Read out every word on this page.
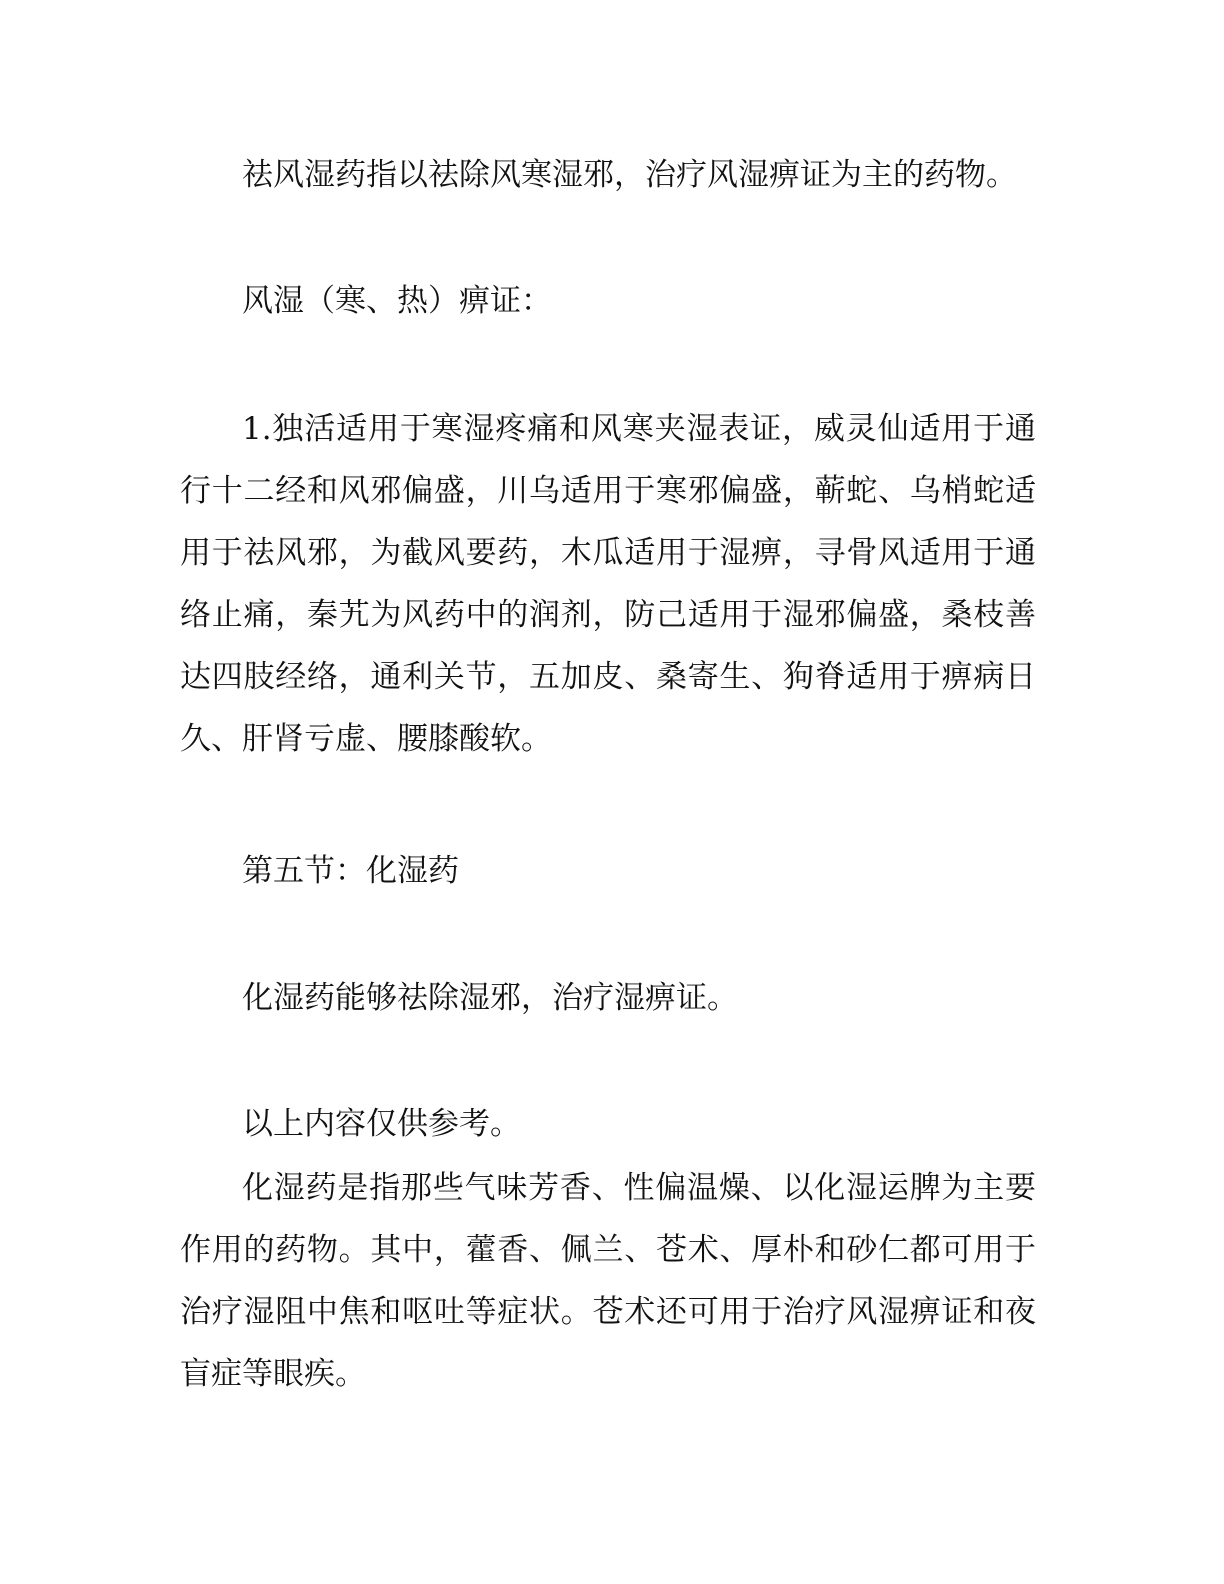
祛风湿药指以祛除风寒湿邪，治疗风湿痹证为主的药物。

风湿（寒、热）痹证：

1.独活适用于寒湿疼痛和风寒夹湿表证，威灵仙适用于通行十二经和风邪偏盛，川乌适用于寒邪偏盛，蕲蛇、乌梢蛇适用于祛风邪，为截风要药，木瓜适用于湿痹，寻骨风适用于通络止痛，秦艽为风药中的润剂，防己适用于湿邪偏盛，桑枝善达四肢经络，通利关节，五加皮、桑寄生、狗脊适用于痹病日久、肝肾亏虚、腰膝酸软。

第五节：化湿药

化湿药能够祛除湿邪，治疗湿痹证。

以上内容仅供参考。

化湿药是指那些气味芳香、性偏温燥、以化湿运脾为主要作用的药物。其中，藿香、佩兰、苍术、厚朴和砂仁都可用于治疗湿阻中焦和呕吐等症状。苍术还可用于治疗风湿痹证和夜盲症等眼疾。
